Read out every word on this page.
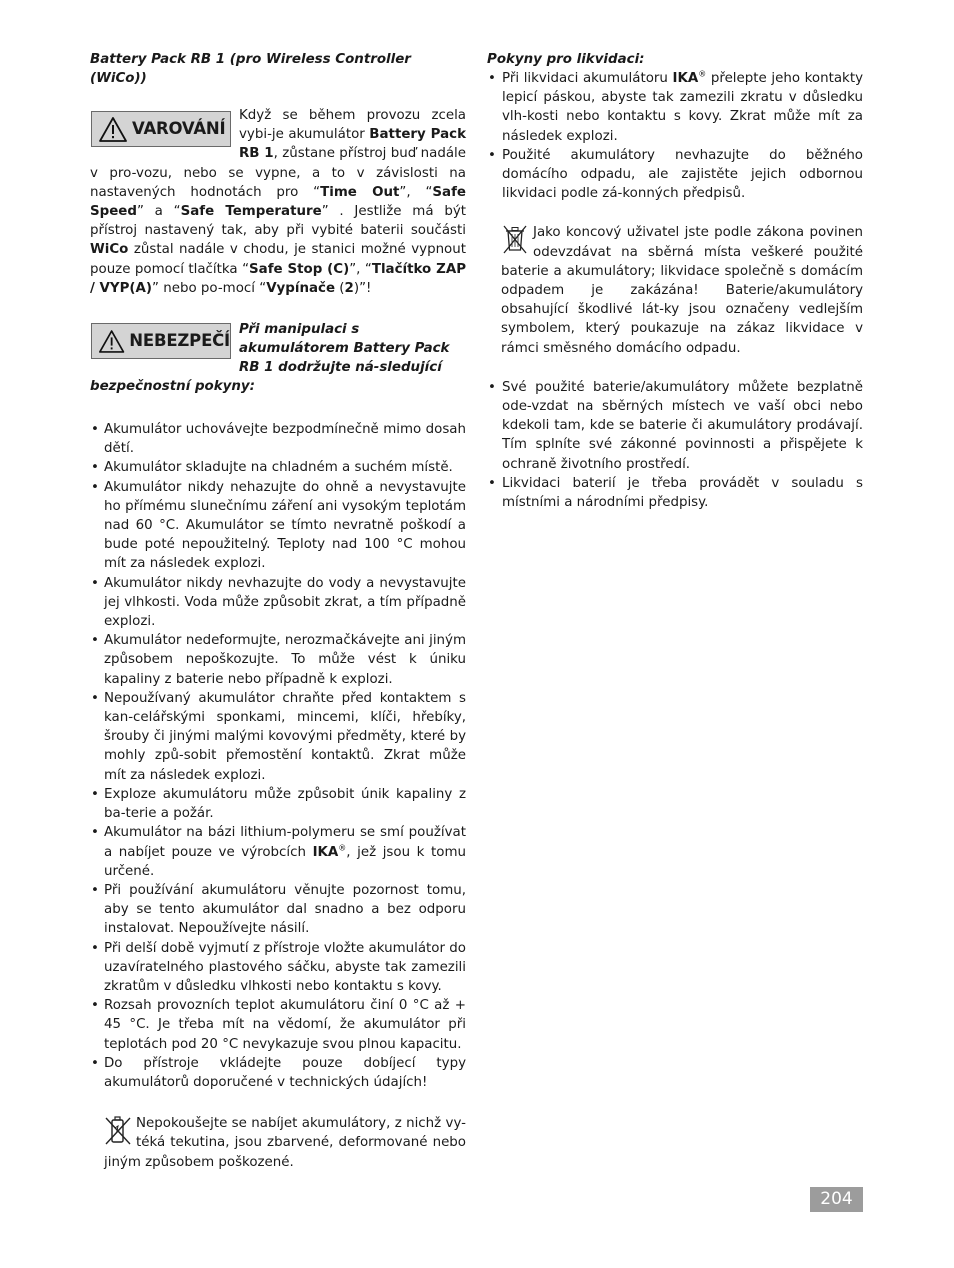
Battery Pack RB 1 (pro Wireless Controller (WiCo))
VAROVÁNÍ
Když se během provozu zcela vybi-je akumulátor Battery Pack RB 1, zůstane přístroj buď nadále v pro-vozu, nebo se vypne, a to v závislosti na nastavených hodnotách pro “Time Out”, “Safe Speed” a “Safe Temperature” . Jestliže má být přístroj nastavený tak, aby při vybité baterii součásti WiCo zůstal nadále v chodu, je stanici možné vypnout pouze pomocí tlačítka “Safe Stop (C)”, “Tlačítko ZAP / VYP(A)” nebo po-mocí “Vypínače (2)”!
NEBEZPEČÍ
Při manipulaci s akumulátorem Battery Pack RB 1 dodržujte ná-sledující bezpečnostní pokyny:
• Akumulátor uchovávejte bezpodmínečně mimo dosah dětí.
• Akumulátor skladujte na chladném a suchém místě.
• Akumulátor nikdy nehazujte do ohně a nevystavujte ho přímému slunečnímu záření ani vysokým teplotám nad 60 °C. Akumulátor se tímto nevratně poškodí a bude poté nepoužitelný. Teploty nad 100 °C mohou mít za následek explozi.
• Akumulátor nikdy nevhazujte do vody a nevystavujte jej vlhkosti. Voda může způsobit zkrat, a tím případně explozi.
• Akumulátor nedeformujte, nerozmačkávejte ani jiným způsobem nepoškozujte. To může vést k úniku kapaliny z baterie nebo případně k explozi.
• Nepoužívaný akumulátor chraňte před kontaktem s kan-celářskými sponkami, mincemi, klíči, hřebíky, šrouby či jinými malými kovovými předměty, které by mohly způ-sobit přemostění kontaktů. Zkrat může mít za následek explozi.
• Exploze akumulátoru může způsobit únik kapaliny z ba-terie a požár.
• Akumulátor na bázi lithium-polymeru se smí používat a nabíjet pouze ve výrobcích IKA®, jež jsou k tomu určené.
• Při používání akumulátoru věnujte pozornost tomu, aby se tento akumulátor dal snadno a bez odporu instalovat. Nepoužívejte násilí.
• Při delší době vyjmutí z přístroje vložte akumulátor do uzavíratelného plastového sáčku, abyste tak zamezili zkratům v důsledku vlhkosti nebo kontaktu s kovy.
• Rozsah provozních teplot akumulátoru činí 0 °C až + 45 °C. Je třeba mít na vědomí, že akumulátor při teplotách pod 20 °C nevykazuje svou plnou kapacitu.
• Do přístroje vkládejte pouze dobíjecí typy akumulátorů doporučené v technických údajích!
Nepokoušejte se nabíjet akumulátory, z nichž vy-téká tekutina, jsou zbarvené, deformované nebo jiným způsobem poškozené.
Pokyny pro likvidaci:
• Při likvidaci akumulátoru IKA® přelepte jeho kontakty lepicí páskou, abyste tak zamezili zkratu v důsledku vlh-kosti nebo kontaktu s kovy. Zkrat může mít za následek explozi.
• Použité akumulátory nevhazujte do běžného domácího odpadu, ale zajistěte jejich odbornou likvidaci podle zá-konných předpisů.
Jako koncový uživatel jste podle zákona povinen odevzdávat na sběrná místa veškeré použité baterie a akumulátory; likvidace společně s domácím odpadem je zakázána! Baterie/akumulátory obsahující škodlivé lát-ky jsou označeny vedlejším symbolem, který poukazuje na zákaz likvidace v rámci směsného domácího odpadu.
• Své použité baterie/akumulátory můžete bezplatně ode-vzdat na sběrných místech ve vaší obci nebo kdekoli tam, kde se baterie či akumulátory prodávají. Tím splníte své zákonné povinnosti a přispějete k ochraně životního prostředí.
• Likvidaci baterií je třeba provádět v souladu s místními a národními předpisy.
204
